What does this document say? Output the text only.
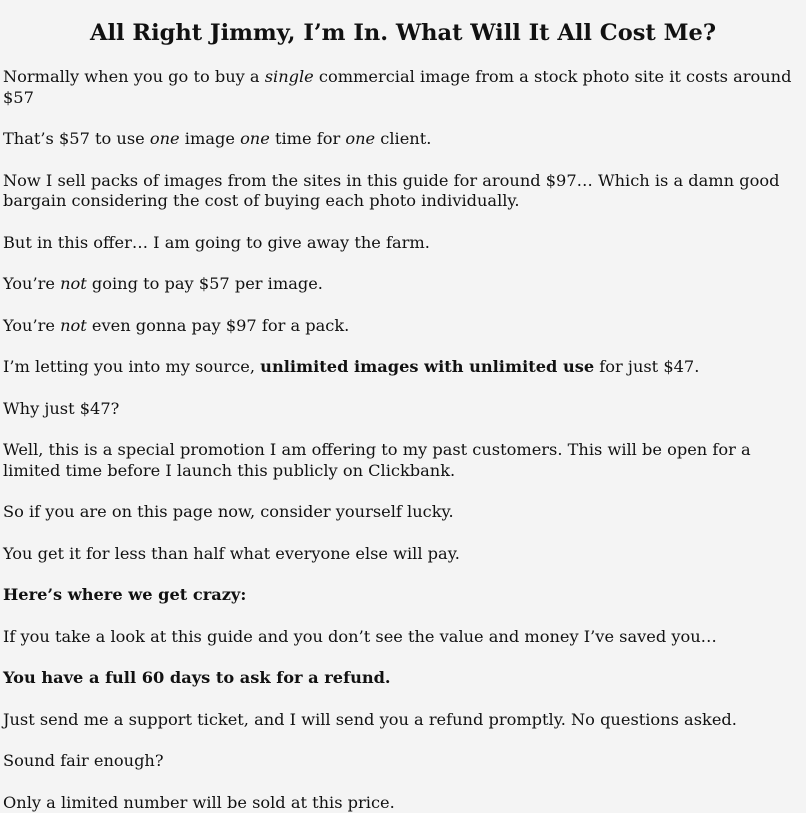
All Right Jimmy, I’m In. What Will It All Cost Me?

Normally when you go to buy a single commercial image from a stock photo site it costs around $57

That’s $57 to use one image one time for one client.

Now I sell packs of images from the sites in this guide for around $97… Which is a damn good bargain considering the cost of buying each photo individually.

But in this offer… I am going to give away the farm.

You’re not going to pay $57 per image.

You’re not even gonna pay $97 for a pack.

I’m letting you into my source, unlimited images with unlimited use for just $47.

Why just $47?

Well, this is a special promotion I am offering to my past customers. This will be open for a limited time before I launch this publicly on Clickbank.

So if you are on this page now, consider yourself lucky.

You get it for less than half what everyone else will pay.

Here’s where we get crazy:

If you take a look at this guide and you don’t see the value and money I’ve saved you…

You have a full 60 days to ask for a refund.

Just send me a support ticket, and I will send you a refund promptly. No questions asked.

Sound fair enough?

Only a limited number will be sold at this price.
